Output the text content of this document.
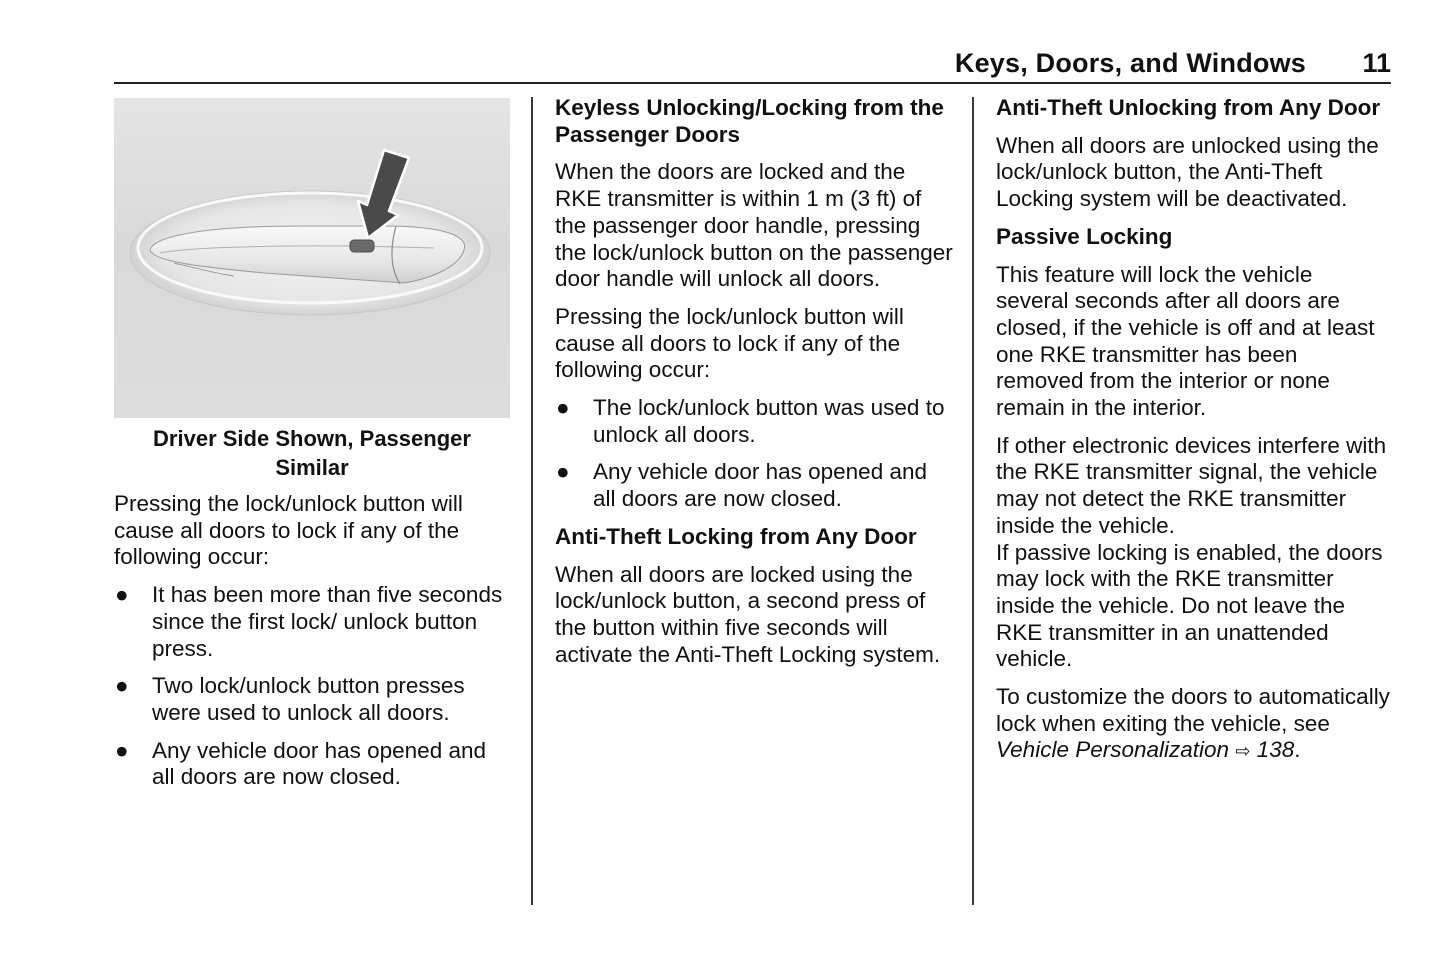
Keys, Doors, and Windows 11
Driver Side Shown, Passenger Similar

Pressing the lock/unlock button will cause all doors to lock if any of the following occur:

● It has been more than five seconds since the first lock/ unlock button press.
● Two lock/unlock button presses were used to unlock all doors.
● Any vehicle door has opened and all doors are now closed.
Keyless Unlocking/Locking from the Passenger Doors

When the doors are locked and the RKE transmitter is within 1 m (3 ft) of the passenger door handle, pressing the lock/unlock button on the passenger door handle will unlock all doors.

Pressing the lock/unlock button will cause all doors to lock if any of the following occur:

● The lock/unlock button was used to unlock all doors.
● Any vehicle door has opened and all doors are now closed.
Anti-Theft Locking from Any Door

When all doors are locked using the lock/unlock button, a second press of the button within five seconds will activate the Anti-Theft Locking system.

Anti-Theft Unlocking from Any Door

When all doors are unlocked using the lock/unlock button, the Anti-Theft Locking system will be deactivated.

Passive Locking

This feature will lock the vehicle several seconds after all doors are closed, if the vehicle is off and at least one RKE transmitter has been removed from the interior or none remain in the interior.

If other electronic devices interfere with the RKE transmitter signal, the vehicle may not detect the RKE transmitter inside the vehicle.

If passive locking is enabled, the doors may lock with the RKE transmitter inside the vehicle. Do not leave the RKE transmitter in an unattended vehicle.

To customize the doors to automatically lock when exiting the vehicle, see Vehicle Personalization ⇨ 138.
